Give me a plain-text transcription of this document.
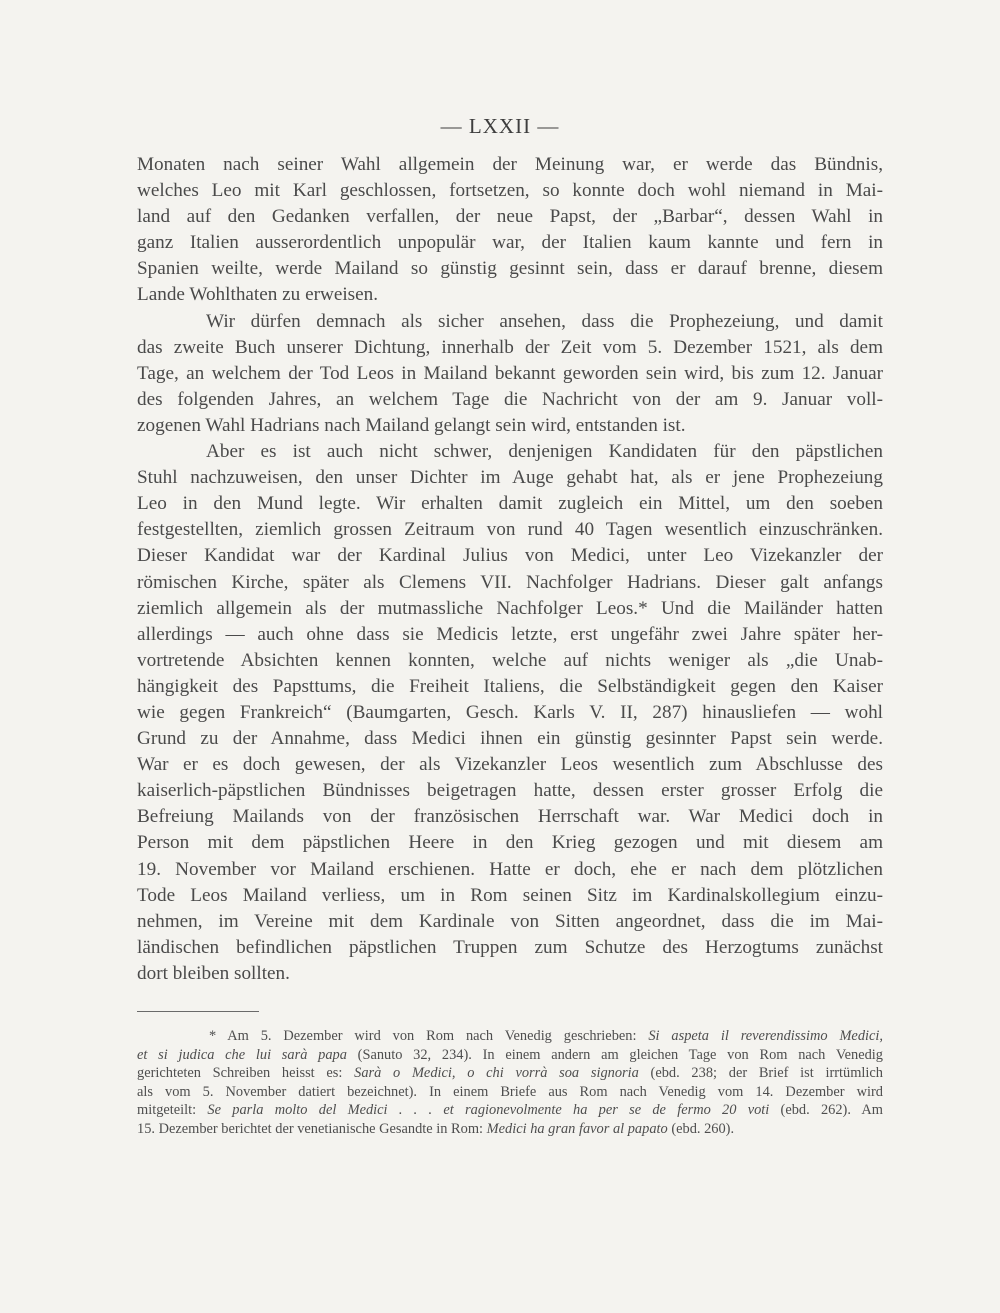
— LXXII —
Monaten nach seiner Wahl allgemein der Meinung war, er werde das Bündnis,
welches Leo mit Karl geschlossen, fortsetzen, so konnte doch wohl niemand in Mai-
land auf den Gedanken verfallen, der neue Papst, der „Barbar“, dessen Wahl in
ganz Italien ausserordentlich unpopulär war, der Italien kaum kannte und fern in
Spanien weilte, werde Mailand so günstig gesinnt sein, dass er darauf brenne, diesem
Lande Wohlthaten zu erweisen.
Wir dürfen demnach als sicher ansehen, dass die Prophezeiung, und damit
das zweite Buch unserer Dichtung, innerhalb der Zeit vom 5. Dezember 1521, als dem
Tage, an welchem der Tod Leos in Mailand bekannt geworden sein wird, bis zum 12. Januar
des folgenden Jahres, an welchem Tage die Nachricht von der am 9. Januar voll-
zogenen Wahl Hadrians nach Mailand gelangt sein wird, entstanden ist.
Aber es ist auch nicht schwer, denjenigen Kandidaten für den päpstlichen
Stuhl nachzuweisen, den unser Dichter im Auge gehabt hat, als er jene Prophezeiung
Leo in den Mund legte. Wir erhalten damit zugleich ein Mittel, um den soeben
festgestellten, ziemlich grossen Zeitraum von rund 40 Tagen wesentlich einzuschränken.
Dieser Kandidat war der Kardinal Julius von Medici, unter Leo Vizekanzler der
römischen Kirche, später als Clemens VII. Nachfolger Hadrians. Dieser galt anfangs
ziemlich allgemein als der mutmassliche Nachfolger Leos.* Und die Mailänder hatten
allerdings — auch ohne dass sie Medicis letzte, erst ungefähr zwei Jahre später her-
vortretende Absichten kennen konnten, welche auf nichts weniger als „die Unab-
hängigkeit des Papsttums, die Freiheit Italiens, die Selbständigkeit gegen den Kaiser
wie gegen Frankreich“ (Baumgarten, Gesch. Karls V. II, 287) hinausliefen — wohl
Grund zu der Annahme, dass Medici ihnen ein günstig gesinnter Papst sein werde.
War er es doch gewesen, der als Vizekanzler Leos wesentlich zum Abschlusse des
kaiserlich-päpstlichen Bündnisses beigetragen hatte, dessen erster grosser Erfolg die
Befreiung Mailands von der französischen Herrschaft war. War Medici doch in
Person mit dem päpstlichen Heere in den Krieg gezogen und mit diesem am
19. November vor Mailand erschienen. Hatte er doch, ehe er nach dem plötzlichen
Tode Leos Mailand verliess, um in Rom seinen Sitz im Kardinalskollegium einzu-
nehmen, im Vereine mit dem Kardinale von Sitten angeordnet, dass die im Mai-
ländischen befindlichen päpstlichen Truppen zum Schutze des Herzogtums zunächst
dort bleiben sollten.
* Am 5. Dezember wird von Rom nach Venedig geschrieben: Si aspeta il reverendissimo Medici,
et si judica che lui sarà papa (Sanuto 32, 234). In einem andern am gleichen Tage von Rom nach Venedig
gerichteten Schreiben heisst es: Sarà o Medici, o chi vorrà soa signoria (ebd. 238; der Brief ist irrtümlich
als vom 5. November datiert bezeichnet). In einem Briefe aus Rom nach Venedig vom 14. Dezember wird
mitgeteilt: Se parla molto del Medici . . . et ragionevolmente ha per se de fermo 20 voti (ebd. 262). Am
15. Dezember berichtet der venetianische Gesandte in Rom: Medici ha gran favor al papato (ebd. 260).
